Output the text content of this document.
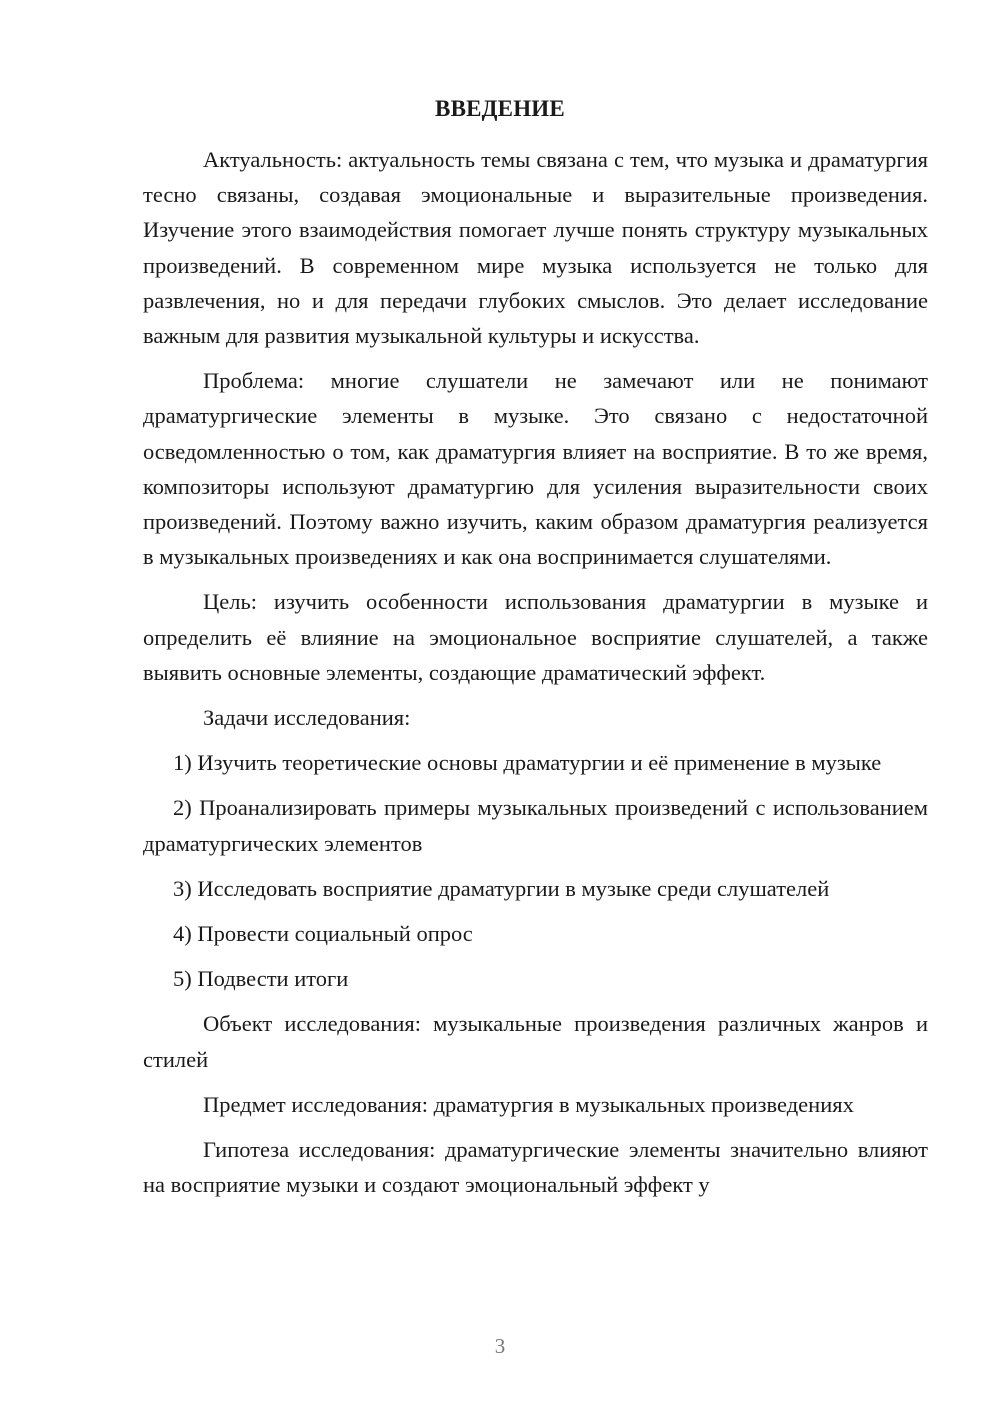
ВВЕДЕНИЕ

Актуальность: актуальность темы связана с тем, что музыка и драматургия тесно связаны, создавая эмоциональные и выразительные произведения. Изучение этого взаимодействия помогает лучше понять структуру музыкальных произведений. В современном мире музыка используется не только для развлечения, но и для передачи глубоких смыслов. Это делает исследование важным для развития музыкальной культуры и искусства.

Проблема: многие слушатели не замечают или не понимают драматургические элементы в музыке. Это связано с недостаточной осведомленностью о том, как драматургия влияет на восприятие. В то же время, композиторы используют драматургию для усиления выразительности своих произведений. Поэтому важно изучить, каким образом драматургия реализуется в музыкальных произведениях и как она воспринимается слушателями.

Цель: изучить особенности использования драматургии в музыке и определить её влияние на эмоциональное восприятие слушателей, а также выявить основные элементы, создающие драматический эффект.

Задачи исследования:

1) Изучить теоретические основы драматургии и её применение в музыке

2) Проанализировать примеры музыкальных произведений с использованием драматургических элементов

3) Исследовать восприятие драматургии в музыке среди слушателей

4) Провести социальный опрос

5) Подвести итоги

Объект исследования: музыкальные произведения различных жанров и стилей

Предмет исследования: драматургия в музыкальных произведениях

Гипотеза исследования: драматургические элементы значительно влияют на восприятие музыки и создают эмоциональный эффект у

3
